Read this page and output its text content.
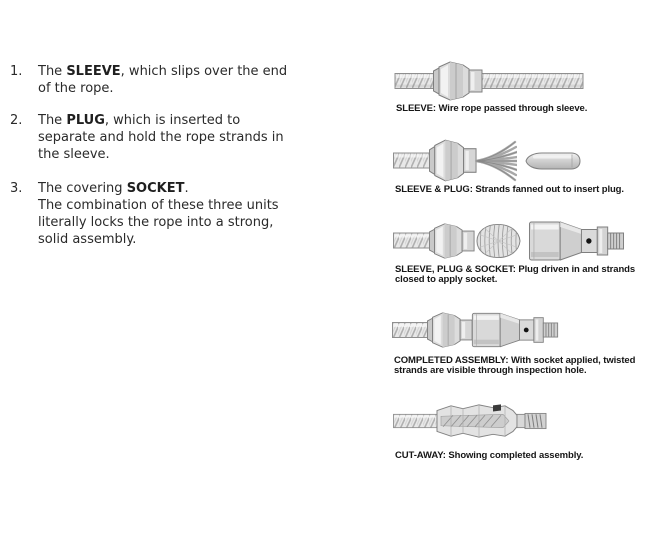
1.	The SLEEVE, which slips over the end
of the rope.
2.	The PLUG, which is inserted to
separate and hold the rope strands in
the sleeve.
3.	The covering SOCKET.
The combination of these three units
literally locks the rope into a strong,
solid assembly.
SLEEVE: Wire rope passed through sleeve.
SLEEVE & PLUG: Strands fanned out to insert plug.
SLEEVE, PLUG & SOCKET: Plug driven in and strands
closed to apply socket.
COMPLETED ASSEMBLY: With socket applied, twisted
strands are visible through inspection hole.
CUT-AWAY: Showing completed assembly.
